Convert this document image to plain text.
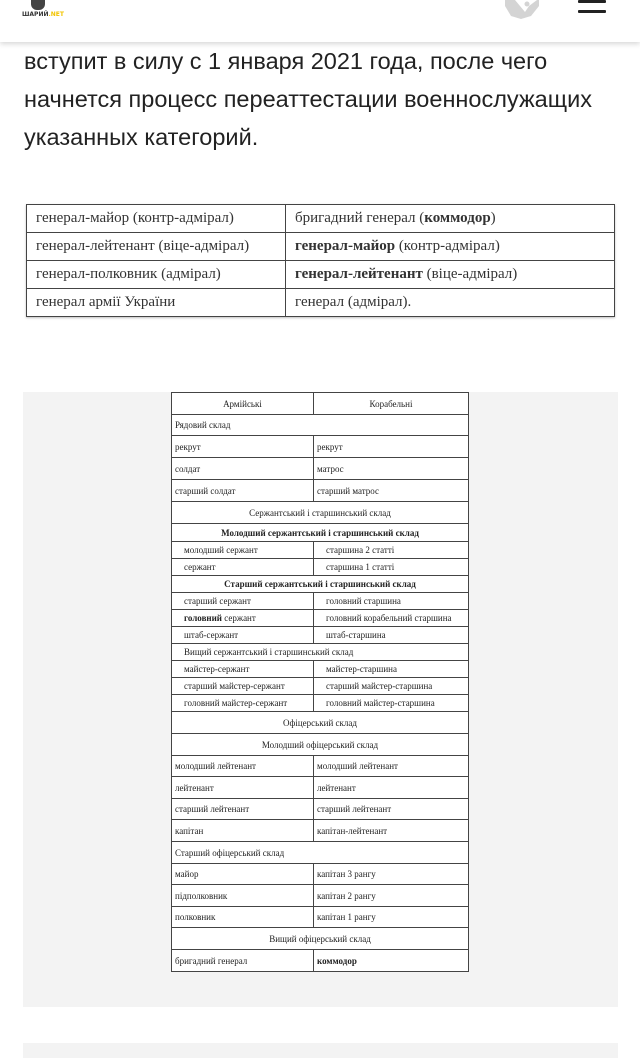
ШАРИЙ.NET

вступит в силу с 1 января 2021 года, после чего начнется процесс переаттестации военнослужащих указанных категорий.

генерал-майор (контр-адмірал)	бригадний генерал (коммодор)
генерал-лейтенант (віце-адмірал)	генерал-майор (контр-адмірал)
генерал-полковник (адмірал)	генерал-лейтенант (віце-адмірал)
генерал армії України	генерал (адмірал).
Армійські	Корабельні
Рядовий склад	
рекрут	рекрут
солдат	матрос
старший солдат	старший матрос
Сержантський і старшинський склад	
Молодший сержантський і старшинський склад	
молодший сержант	старшина 2 статті
сержант	старшина 1 статті
Старший сержантський і старшинський склад	
старший сержант	головний старшина
головний сержант	головний корабельний старшина
штаб-сержант	штаб-старшина
Вищий сержантський і старшинський склад	
майстер-сержант	майстер-старшина
старший майстер-сержант	старший майстер-старшина
головний майстер-сержант	головний майстер-старшина
Офіцерський склад	
Молодший офіцерський склад	
молодший лейтенант	молодший лейтенант
лейтенант	лейтенант
старший лейтенант	старший лейтенант
капітан	капітан-лейтенант
Старший офіцерський склад	
майор	капітан 3 рангу
підполковник	капітан 2 рангу
полковник	капітан 1 рангу
Вищий офіцерський склад	
бригадний генерал	коммодор
